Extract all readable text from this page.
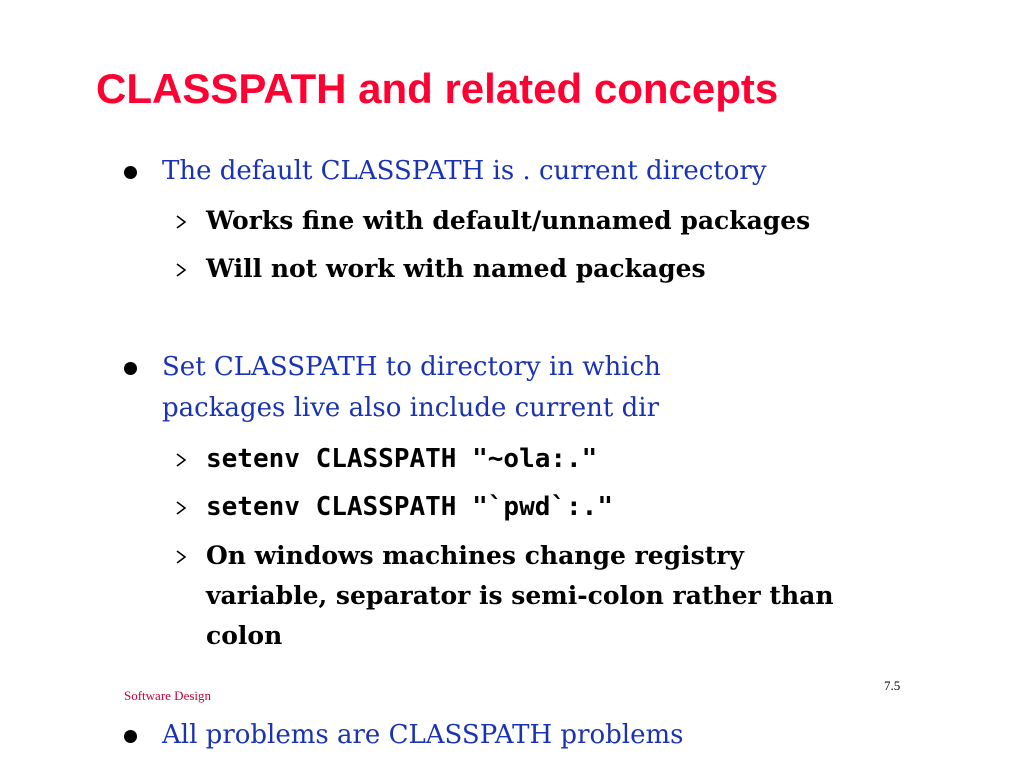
CLASSPATH and related concepts
The default CLASSPATH is . current directory
Works fine with default/unnamed packages
Will not work with named packages
Set CLASSPATH to directory in which
packages live also include current dir
setenv CLASSPATH "~ola:."
setenv CLASSPATH "`pwd`:."
On windows machines change registry
variable, separator is semi-colon rather than
colon
Software Design
7.5
All problems are CLASSPATH problems
